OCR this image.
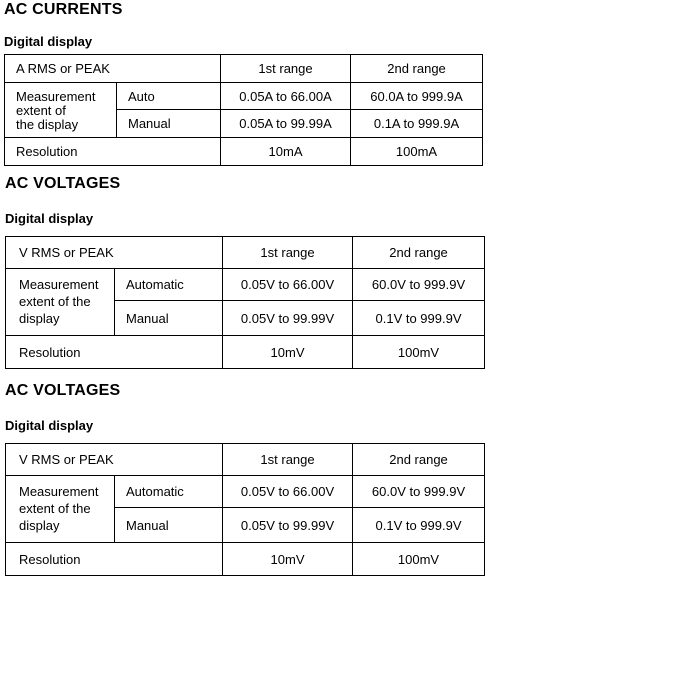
AC CURRENTS
Digital display
A RMS or PEAK		1st range	2nd range

Measurement
extent of
the display	Auto	0.05A to 66.00A	60.0A to 999.9A
	Manual	0.05A to 99.99A	0.1A to 999.9A
Resolution		10mA	100mA
AC VOLTAGES
Digital display
V RMS or PEAK		1st range	2nd range

Measurement
extent of the
display	Automatic	0.05V to 66.00V	60.0V to 999.9V
	Manual	0.05V to 99.99V	0.1V to 999.9V
Resolution		10mV	100mV
AC VOLTAGES
Digital display
V RMS or PEAK		1st range	2nd range

Measurement
extent of the
display	Automatic	0.05V to 66.00V	60.0V to 999.9V
	Manual	0.05V to 99.99V	0.1V to 999.9V
Resolution		10mV	100mV
